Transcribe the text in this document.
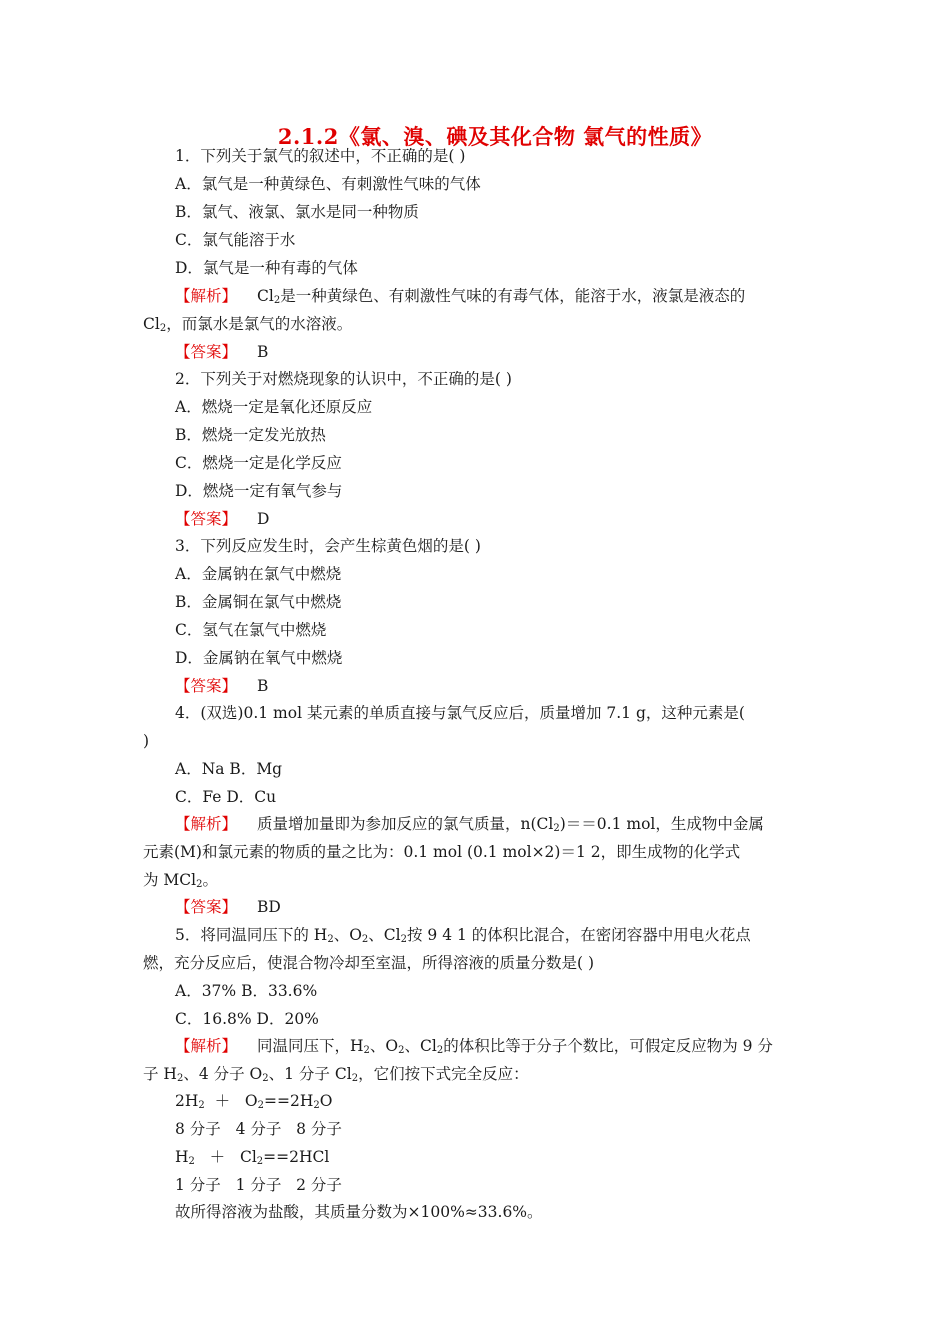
2.1.2《氯、溴、碘及其化合物 氯气的性质》
1．下列关于氯气的叙述中，不正确的是( )
A．氯气是一种黄绿色、有刺激性气味的气体
B．氯气、液氯、氯水是同一种物质
C．氯气能溶于水
D．氯气是一种有毒的气体
【解析】 $Cl_2$是一种黄绿色、有刺激性气味的有毒气体，能溶于水，液氯是液态的
$Cl_2$，而氯水是氯气的水溶液。
【答案】 B
2．下列关于对燃烧现象的认识中，不正确的是( )
A．燃烧一定是氧化还原反应
B．燃烧一定发光放热
C．燃烧一定是化学反应
D．燃烧一定有氧气参与
【答案】 D
3．下列反应发生时，会产生棕黄色烟的是( )
A．金属钠在氯气中燃烧
B．金属铜在氯气中燃烧
C．氢气在氯气中燃烧
D．金属钠在氧气中燃烧
【答案】 B
4．(双选)0.1 mol 某元素的单质直接与氯气反应后，质量增加 7.1 g，这种元素是(
)
A．Na B．Mg
C．Fe D．Cu
【解析】 质量增加量即为参加反应的氯气质量，$n(Cl_2)==0.1$ mol，生成物中金属
元素(M)和氯元素的物质的量之比为：0.1 mol (0.1 mol×2)＝1 2，即生成物的化学式
为 MCl$_2$。
【答案】 BD
5．将同温同压下的 $H_2$、$O_2$、$Cl_2$按 9 4 1 的体积比混合，在密闭容器中用电火花点
燃，充分反应后，使混合物冷却至室温，所得溶液的质量分数是( )
A．37% B．33.6%
C．16.8% D．20%
【解析】 同温同压下，$H_2$、$O_2$、$Cl_2$的体积比等于分子个数比，可假定反应物为 9 分
子 $H_2$、4 分子 $O_2$、1 分子 $Cl_2$，它们按下式完全反应：
$2H_2 + O_2==2H_2O$
8 分子   4 分子   8 分子
$H_2 + Cl_2==2HCl$
1 分子   1 分子   2 分子
故所得溶液为盐酸，其质量分数为×100%≈33.6%。
